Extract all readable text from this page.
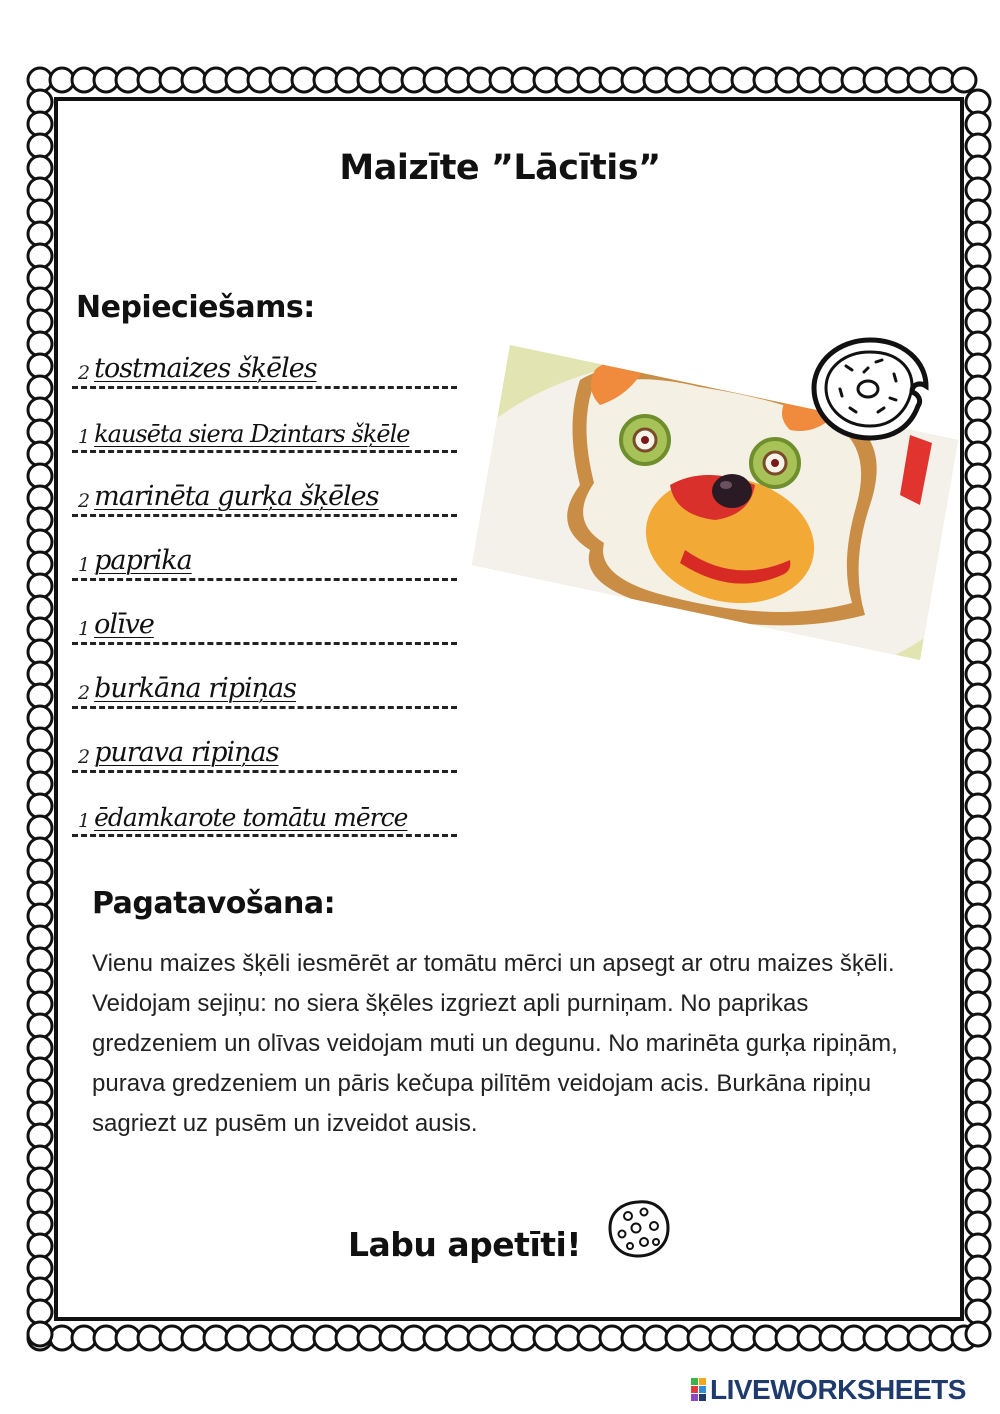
Maizīte ”Lācītis”
Nepieciešams:
2 tostmaizes šķēles
1 kausēta siera Dzintars šķēle
2 marinēta gurķa šķēles
1 paprika
1 olīve
2 burkāna ripiņas
2 purava ripiņas
1 ēdamkarote tomātu mērce
Pagatavošana:

Vienu maizes šķēli iesmērēt ar tomātu mērci un apsegt ar otru maizes šķēli.

Veidojam sejiņu: no siera šķēles izgriezt apli purniņam. No paprikas gredzeniem un olīvas veidojam muti un degunu. No marinēta gurķa ripiņām, purava gredzeniem un pāris kečupa pilītēm veidojam acis. Burkāna ripiņu sagriezt uz pusēm un izveidot ausis.

Labu apetīti!

LIVEWORKSHEETS
